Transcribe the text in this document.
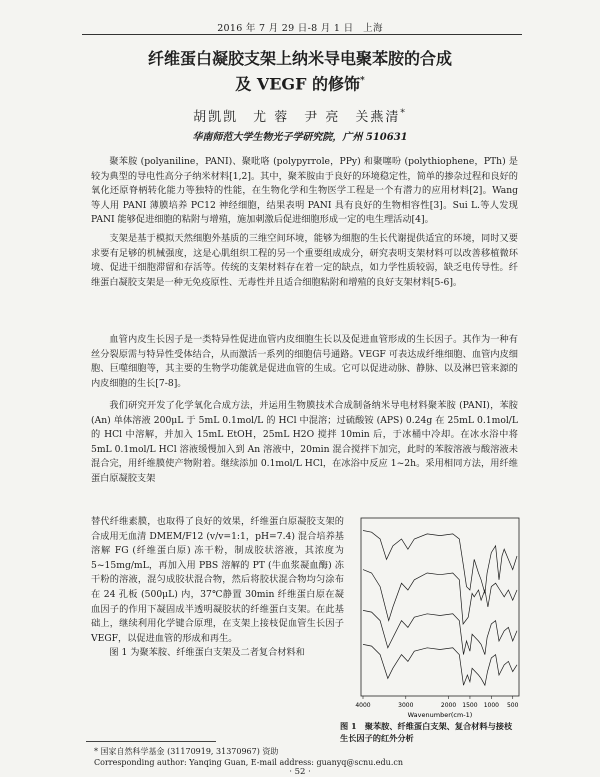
2016 年 7 月 29 日-8 月 1 日　上海
纤维蛋白凝胶支架上纳米导电聚苯胺的合成
及 VEGF 的修饰*
胡凯凯　尤 蓉　尹 亮　关燕清*
华南师范大学生物光子学研究院，广州 510631

聚苯胺 (polyaniline，PANI)、聚吡咯 (polypyrrole，PPy) 和聚噻吩 (polythiophene，PTh) 是较为典型的导电性高分子纳米材料[1,2]。其中，聚苯胺由于良好的环境稳定性，简单的掺杂过程和良好的氧化还原脊柄转化能力等独特的性能，在生物化学和生物医学工程是一个有潜力的应用材料[2]。Wang 等人用 PANI 薄膜培养 PC12 神经细胞，结果表明 PANI 具有良好的生物相容性[3]。Sui L.等人发现 PANI 能够促进细胞的粘附与增殖，施加刺激后促进细胞形成一定的电生理活动[4]。

支架是基于模拟天然细胞外基质的三维空间环境，能够为细胞的生长代谢提供适宜的环境，同时又要求要有足够的机械强度，这是心肌组织工程的另一个重要组成成分，研究表明支架材料可以改善移植微环境、促进干细胞滞留和存活等。传统的支架材料存在着一定的缺点，如力学性质较弱，缺乏电传导性。纤维蛋白凝胶支架是一种无免疫原性、无毒性并且适合细胞粘附和增殖的良好支架材料[5-6]。

血管内皮生长因子是一类特异性促进血管内皮细胞生长以及促进血管形成的生长因子。其作为一种有丝分裂原需与特异性受体结合，从而激活一系列的细胞信号通路。VEGF 可表达成纤维细胞、血管内皮细胞、巨噬细胞等，其主要的生物学功能就是促进血管的生成。它可以促进动脉、静脉、以及淋巴管来源的内皮细胞的生长[7-8]。

我们研究开发了化学氧化合成方法，并运用生物膜技术合成制备纳米导电材料聚苯胺 (PANI)，苯胺 (An) 单体溶液 200μL 于 5mL 0.1mol/L 的 HCl 中混溶；过硫酸铵 (APS) 0.24g 在 25mL 0.1mol/L 的 HCl 中溶解，并加入 15mL EtOH，25mL H2O 搅拌 10min 后，于冰桶中冷却。在冰水浴中将 5mL 0.1mol/L HCl 溶液缓慢加入到 An 溶液中，20min 混合搅拌下加完，此时的苯胺溶液与酸溶液未混合完，用纤维膜使产物附着。继续添加 0.1mol/L HCl，在冰浴中反应 1~2h。采用相同方法，用纤维蛋白原凝胶支架

替代纤维素膜，也取得了良好的效果，纤维蛋白原凝胶支架的合成用无血清 DMEM/F12 (v/v=1:1，pH=7.4) 混合培养基溶解 FG (纤维蛋白原) 冻干粉，制成胶状溶液，其浓度为 5~15mg/mL，再加入用 PBS 溶解的 PT (牛血浆凝血酶) 冻干粉的溶液，混匀成胶状混合物，然后将胶状混合物均匀涂布在 24 孔板 (500μL) 内，37℃静置 30min 纤维蛋白原在凝血因子的作用下凝固成半透明凝胶状的纤维蛋白支架。在此基础上，继续利用化学键合原理，在支架上接枝促血管生长因子 VEGF，以促进血管的形成和再生。

图 1 为聚苯胺、纤维蛋白支架及二者复合材料和

4000	3000	2000 1500 1000 500
Wavenumber(cm-1)
图 1 聚苯胺、纤维蛋白支架、复合材料与接枝生长因子的红外分析
* 国家自然科学基金 (31170919, 31370967) 资助
Corresponding author: Yanqing Guan, E-mail address: guanyq@scnu.edu.cn
· 52 ·
